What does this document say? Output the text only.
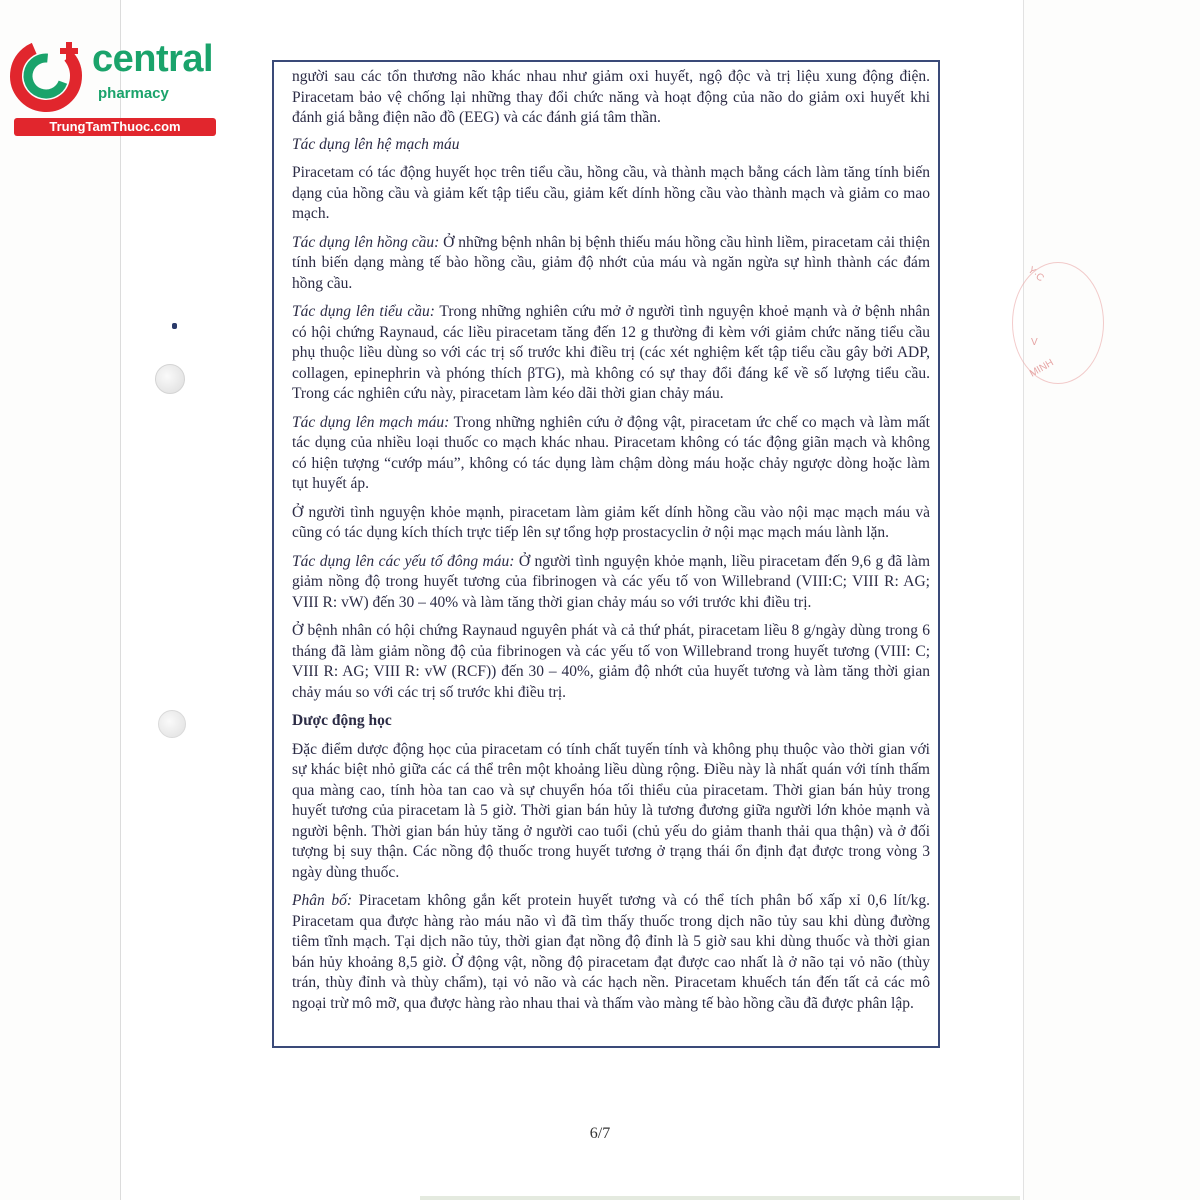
central
pharmacy
TrungTamThuoc.com
Y·C
V
MINH

người sau các tổn thương não khác nhau như giảm oxi huyết, ngộ độc và trị liệu xung động điện. Piracetam bảo vệ chống lại những thay đổi chức năng và hoạt động của não do giảm oxi huyết khi đánh giá bằng điện não đồ (EEG) và các đánh giá tâm thần.

Tác dụng lên hệ mạch máu

Piracetam có tác động huyết học trên tiểu cầu, hồng cầu, và thành mạch bằng cách làm tăng tính biến dạng của hồng cầu và giảm kết tập tiểu cầu, giảm kết dính hồng cầu vào thành mạch và giảm co mao mạch.

Tác dụng lên hồng cầu: Ở những bệnh nhân bị bệnh thiếu máu hồng cầu hình liềm, piracetam cải thiện tính biến dạng màng tế bào hồng cầu, giảm độ nhớt của máu và ngăn ngừa sự hình thành các đám hồng cầu.

Tác dụng lên tiểu cầu: Trong những nghiên cứu mở ở người tình nguyện khoẻ mạnh và ở bệnh nhân có hội chứng Raynaud, các liều piracetam tăng đến 12 g thường đi kèm với giảm chức năng tiểu cầu phụ thuộc liều dùng so với các trị số trước khi điều trị (các xét nghiệm kết tập tiểu cầu gây bởi ADP, collagen, epinephrin và phóng thích βTG), mà không có sự thay đổi đáng kể về số lượng tiểu cầu. Trong các nghiên cứu này, piracetam làm kéo dãi thời gian chảy máu.

Tác dụng lên mạch máu: Trong những nghiên cứu ở động vật, piracetam ức chế co mạch và làm mất tác dụng của nhiều loại thuốc co mạch khác nhau. Piracetam không có tác động giãn mạch và không có hiện tượng “cướp máu”, không có tác dụng làm chậm dòng máu hoặc chảy ngược dòng hoặc làm tụt huyết áp.

Ở người tình nguyện khỏe mạnh, piracetam làm giảm kết dính hồng cầu vào nội mạc mạch máu và cũng có tác dụng kích thích trực tiếp lên sự tổng hợp prostacyclin ở nội mạc mạch máu lành lặn.

Tác dụng lên các yếu tố đông máu: Ở người tình nguyện khỏe mạnh, liều piracetam đến 9,6 g đã làm giảm nồng độ trong huyết tương của fibrinogen và các yếu tố von Willebrand (VIII:C; VIII R: AG; VIII R: vW) đến 30 – 40% và làm tăng thời gian chảy máu so với trước khi điều trị.

Ở bệnh nhân có hội chứng Raynaud nguyên phát và cả thứ phát, piracetam liều 8 g/ngày dùng trong 6 tháng đã làm giảm nồng độ của fibrinogen và các yếu tố von Willebrand trong huyết tương (VIII: C; VIII R: AG; VIII R: vW (RCF)) đến 30 – 40%, giảm độ nhớt của huyết tương và làm tăng thời gian chảy máu so với các trị số trước khi điều trị.

Dược động học

Đặc điểm dược động học của piracetam có tính chất tuyến tính và không phụ thuộc vào thời gian với sự khác biệt nhỏ giữa các cá thể trên một khoảng liều dùng rộng. Điều này là nhất quán với tính thấm qua màng cao, tính hòa tan cao và sự chuyển hóa tối thiểu của piracetam. Thời gian bán hủy trong huyết tương của piracetam là 5 giờ. Thời gian bán hủy là tương đương giữa người lớn khỏe mạnh và người bệnh. Thời gian bán hủy tăng ở người cao tuổi (chủ yếu do giảm thanh thải qua thận) và ở đối tượng bị suy thận. Các nồng độ thuốc trong huyết tương ở trạng thái ổn định đạt được trong vòng 3 ngày dùng thuốc.

Phân bố: Piracetam không gắn kết protein huyết tương và có thể tích phân bố xấp xỉ 0,6 lít/kg. Piracetam qua được hàng rào máu não vì đã tìm thấy thuốc trong dịch não tủy sau khi dùng đường tiêm tĩnh mạch. Tại dịch não tủy, thời gian đạt nồng độ đỉnh là 5 giờ sau khi dùng thuốc và thời gian bán hủy khoảng 8,5 giờ. Ở động vật, nồng độ piracetam đạt được cao nhất là ở não tại vỏ não (thùy trán, thùy đỉnh và thùy chẩm), tại vỏ não và các hạch nền. Piracetam khuếch tán đến tất cả các mô ngoại trừ mô mỡ, qua được hàng rào nhau thai và thấm vào màng tế bào hồng cầu đã được phân lập.

6/7
